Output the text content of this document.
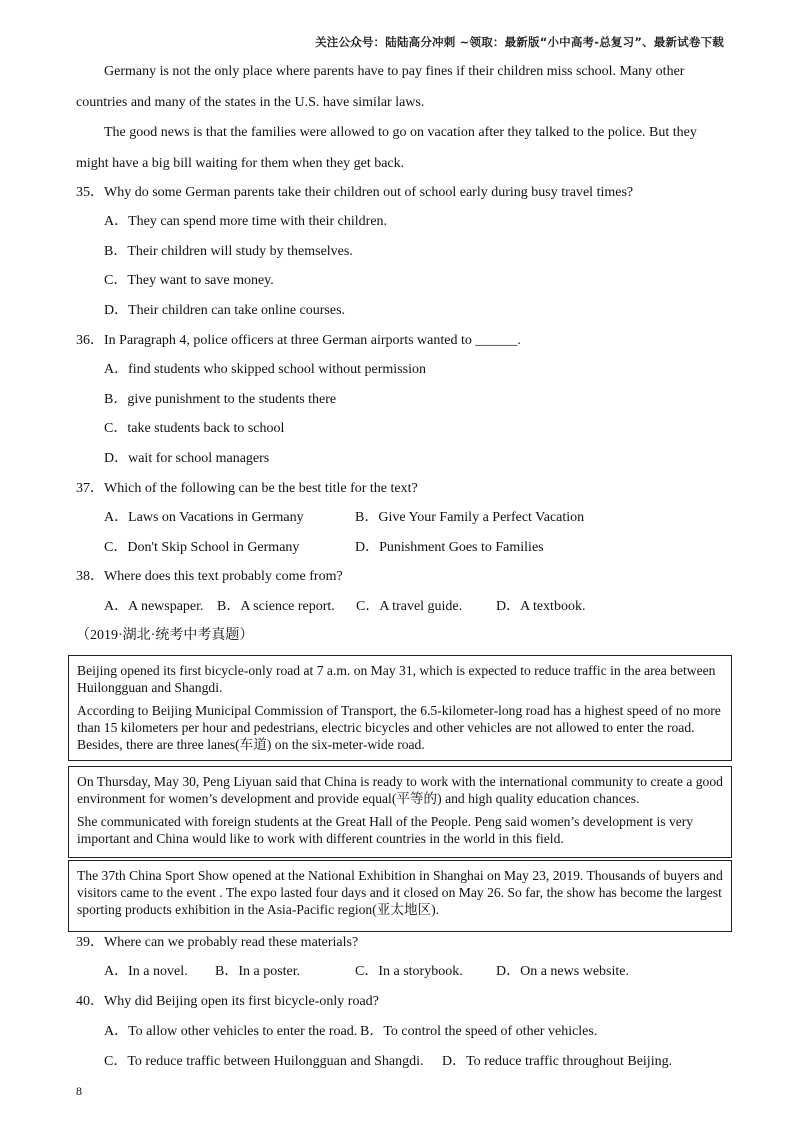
关注公众号：陆陆高分冲刺 ~领取：最新版“小中高考-总复习”、最新试卷下载
Germany is not the only place where parents have to pay fines if their children miss school. Many other
countries and many of the states in the U.S. have similar laws.
The good news is that the families were allowed to go on vacation after they talked to the police. But they
might have a big bill waiting for them when they get back.
35．Why do some German parents take their children out of school early during busy travel times?
A．They can spend more time with their children.
B．Their children will study by themselves.
C．They want to save money.
D．Their children can take online courses.
36．In Paragraph 4, police officers at three German airports wanted to ______.
A．find students who skipped school without permission
B．give punishment to the students there
C．take students back to school
D．wait for school managers
37．Which of the following can be the best title for the text?
A．Laws on Vacations in Germany	B．Give Your Family a Perfect Vacation
C．Don't Skip School in Germany	D．Punishment Goes to Families
38．Where does this text probably come from?
A．A newspaper. B．A science report. C．A travel guide. D．A textbook.
（2019·湖北·统考中考真题）

Beijing opened its first bicycle-only road at 7 a.m. on May 31, which is expected to reduce traffic in the area between Huilongguan and Shangdi.

According to Beijing Municipal Commission of Transport, the 6.5-kilometer-long road has a highest speed of no more than 15 kilometers per hour and pedestrians, electric bicycles and other vehicles are not allowed to enter the road. Besides, there are three lanes(车道) on the six-meter-wide road.

On Thursday, May 30, Peng Liyuan said that China is ready to work with the international community to create a good environment for women’s development and provide equal(平等的) and high quality education chances.

She communicated with foreign students at the Great Hall of the People. Peng said women’s development is very important and China would like to work with different countries in the world in this field.

The 37th China Sport Show opened at the National Exhibition in Shanghai on May 23, 2019. Thousands of buyers and visitors came to the event . The expo lasted four days and it closed on May 26. So far, the show has become the largest sporting products exhibition in the Asia-Pacific region(亚太地区).

39．Where can we probably read these materials?
A．In a novel. B．In a poster.	C．In a storybook. D．On a news website.
40．Why did Beijing open its first bicycle-only road?
A．To allow other vehicles to enter the road. B．To control the speed of other vehicles.
C．To reduce traffic between Huilongguan and Shangdi. D．To reduce traffic throughout Beijing.
8
